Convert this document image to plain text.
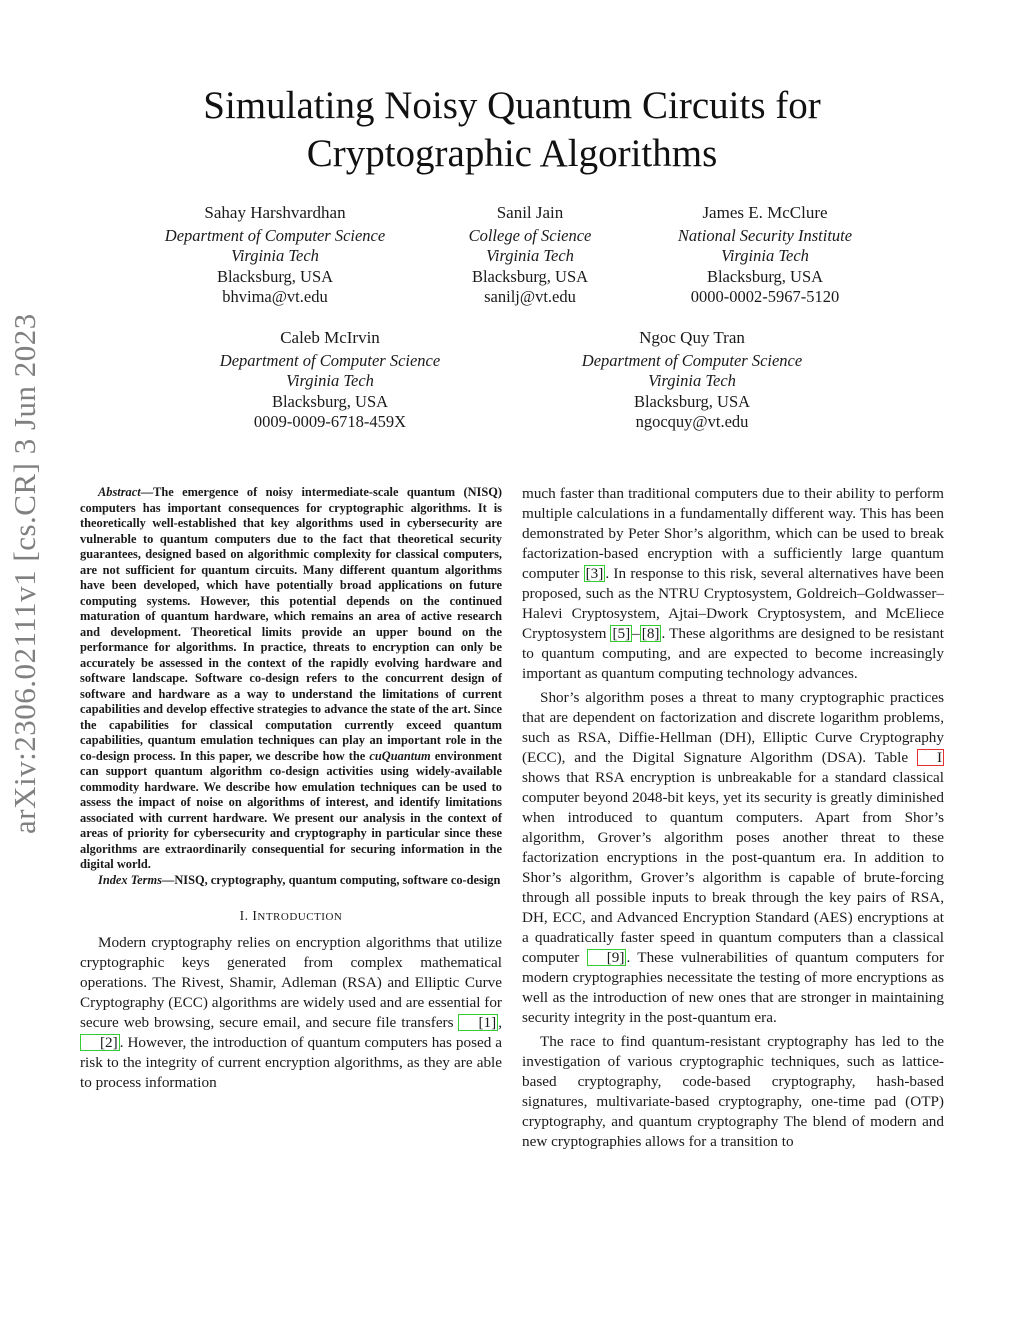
arXiv:2306.02111v1 [cs.CR] 3 Jun 2023
Simulating Noisy Quantum Circuits for Cryptographic Algorithms
Sahay Harshvardhan
Department of Computer Science
Virginia Tech
Blacksburg, USA
bhvima@vt.edu
Sanil Jain
College of Science
Virginia Tech
Blacksburg, USA
sanilj@vt.edu
James E. McClure
National Security Institute
Virginia Tech
Blacksburg, USA
0000-0002-5967-5120
Caleb McIrvin
Department of Computer Science
Virginia Tech
Blacksburg, USA
0009-0009-6718-459X
Ngoc Quy Tran
Department of Computer Science
Virginia Tech
Blacksburg, USA
ngocquy@vt.edu

Abstract—The emergence of noisy intermediate-scale quantum (NISQ) computers has important consequences for cryptographic algorithms. It is theoretically well-established that key algorithms used in cybersecurity are vulnerable to quantum computers due to the fact that theoretical security guarantees, designed based on algorithmic complexity for classical computers, are not sufficient for quantum circuits. Many different quantum algorithms have been developed, which have potentially broad applications on future computing systems. However, this potential depends on the continued maturation of quantum hardware, which remains an area of active research and development. Theoretical limits provide an upper bound on the performance for algorithms. In practice, threats to encryption can only be accurately be assessed in the context of the rapidly evolving hardware and software landscape. Software co-design refers to the concurrent design of software and hardware as a way to understand the limitations of current capabilities and develop effective strategies to advance the state of the art. Since the capabilities for classical computation currently exceed quantum capabilities, quantum emulation techniques can play an important role in the co-design process. In this paper, we describe how the cuQuantum environment can support quantum algorithm co-design activities using widely-available commodity hardware. We describe how emulation techniques can be used to assess the impact of noise on algorithms of interest, and identify limitations associated with current hardware. We present our analysis in the context of areas of priority for cybersecurity and cryptography in particular since these algorithms are extraordinarily consequential for securing information in the digital world.

Index Terms—NISQ, cryptography, quantum computing, software co-design

I. INTRODUCTION

Modern cryptography relies on encryption algorithms that utilize cryptographic keys generated from complex mathematical operations. The Rivest, Shamir, Adleman (RSA) and Elliptic Curve Cryptography (ECC) algorithms are widely used and are essential for secure web browsing, secure email, and secure file transfers [1] , [2] . However, the introduction of quantum computers has posed a risk to the integrity of current encryption algorithms, as they are able to process information

much faster than traditional computers due to their ability to perform multiple calculations in a fundamentally different way. This has been demonstrated by Peter Shor’s algorithm, which can be used to break factorization-based encryption with a sufficiently large quantum computer [3] . In response to this risk, several alternatives have been proposed, such as the NTRU Cryptosystem, Goldreich–Goldwasser–Halevi Cryptosystem, Ajtai–Dwork Cryptosystem, and McEliece Cryptosystem [5] – [8] . These algorithms are designed to be resistant to quantum computing, and are expected to become increasingly important as quantum computing technology advances.

Shor’s algorithm poses a threat to many cryptographic practices that are dependent on factorization and discrete logarithm problems, such as RSA, Diffie-Hellman (DH), Elliptic Curve Cryptography (ECC), and the Digital Signature Algorithm (DSA). Table I shows that RSA encryption is unbreakable for a standard classical computer beyond 2048-bit keys, yet its security is greatly diminished when introduced to quantum computers. Apart from Shor’s algorithm, Grover’s algorithm poses another threat to these factorization encryptions in the post-quantum era. In addition to Shor’s algorithm, Grover’s algorithm is capable of brute-forcing through all possible inputs to break through the key pairs of RSA, DH, ECC, and Advanced Encryption Standard (AES) encryptions at a quadratically faster speed in quantum computers than a classical computer [9] . These vulnerabilities of quantum computers for modern cryptographies necessitate the testing of more encryptions as well as the introduction of new ones that are stronger in maintaining security integrity in the post-quantum era.

The race to find quantum-resistant cryptography has led to the investigation of various cryptographic techniques, such as lattice-based cryptography, code-based cryptography, hash-based signatures, multivariate-based cryptography, one-time pad (OTP) cryptography, and quantum cryptography The blend of modern and new cryptographies allows for a transition to
